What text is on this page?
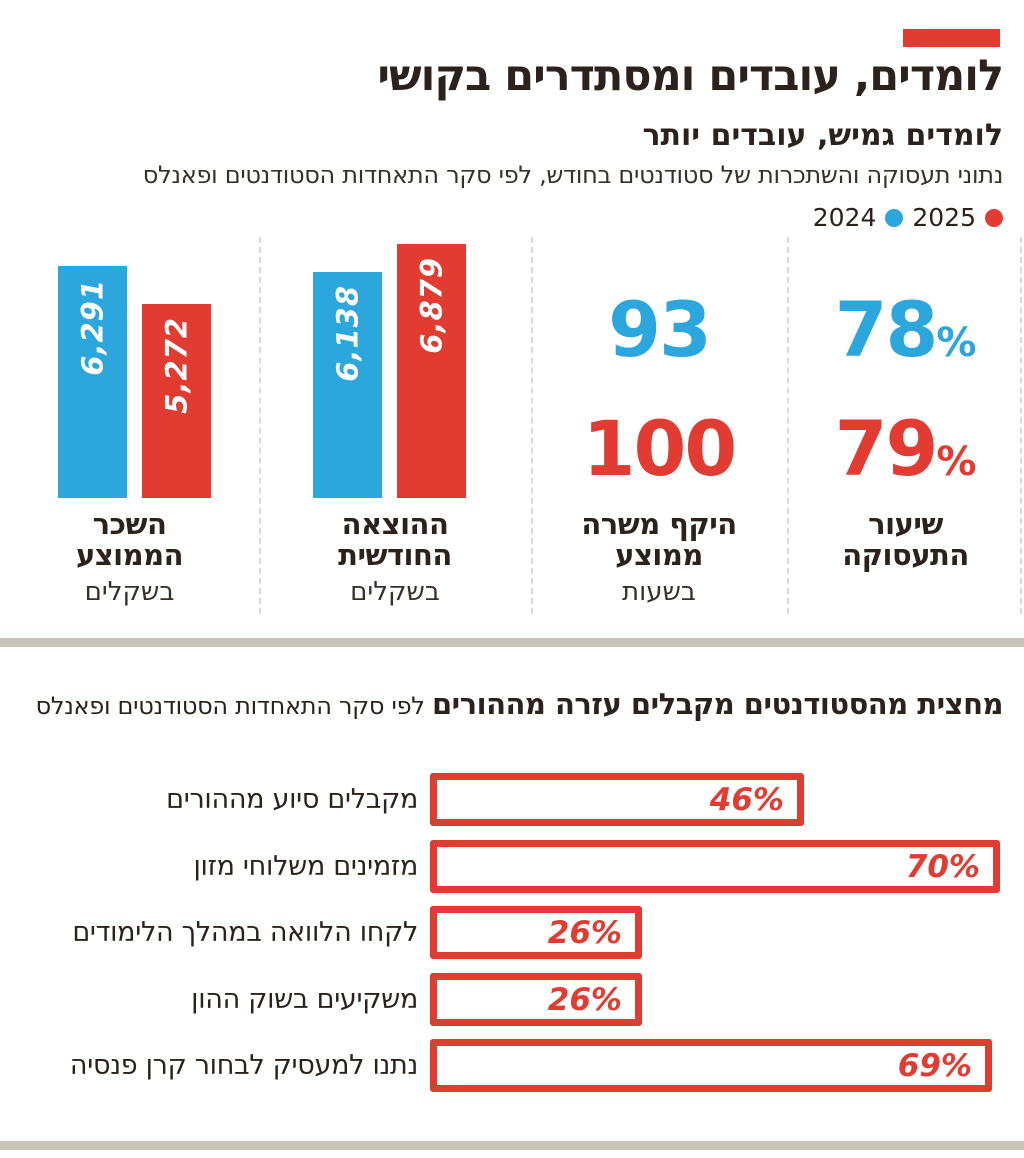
לומדים, עובדים ומסתדרים בקושי
לומדים גמיש, עובדים יותר
נתוני תעסוקה והשתכרות של סטודנטים בחודש, לפי סקר התאחדות הסטודנטים ופאנלס
2024 2025
6,291 5,272	6,138 6,879	93
100
78%
79%
השכר
הממוצע
בשקלים
ההוצאה
החודשית
בשקלים
היקף משרה
ממוצע
בשעות
שיעור
התעסוקה
מחצית מהסטודנטים מקבלים עזרה מההורים לפי סקר התאחדות הסטודנטים ופאנלס
מקבלים סיוע מההורים	46%
מזמינים משלוחי מזון	70%
לקחו הלוואה במהלך הלימודים	26%
משקיעים בשוק ההון	26%
נתנו למעסיק לבחור קרן פנסיה	69%
